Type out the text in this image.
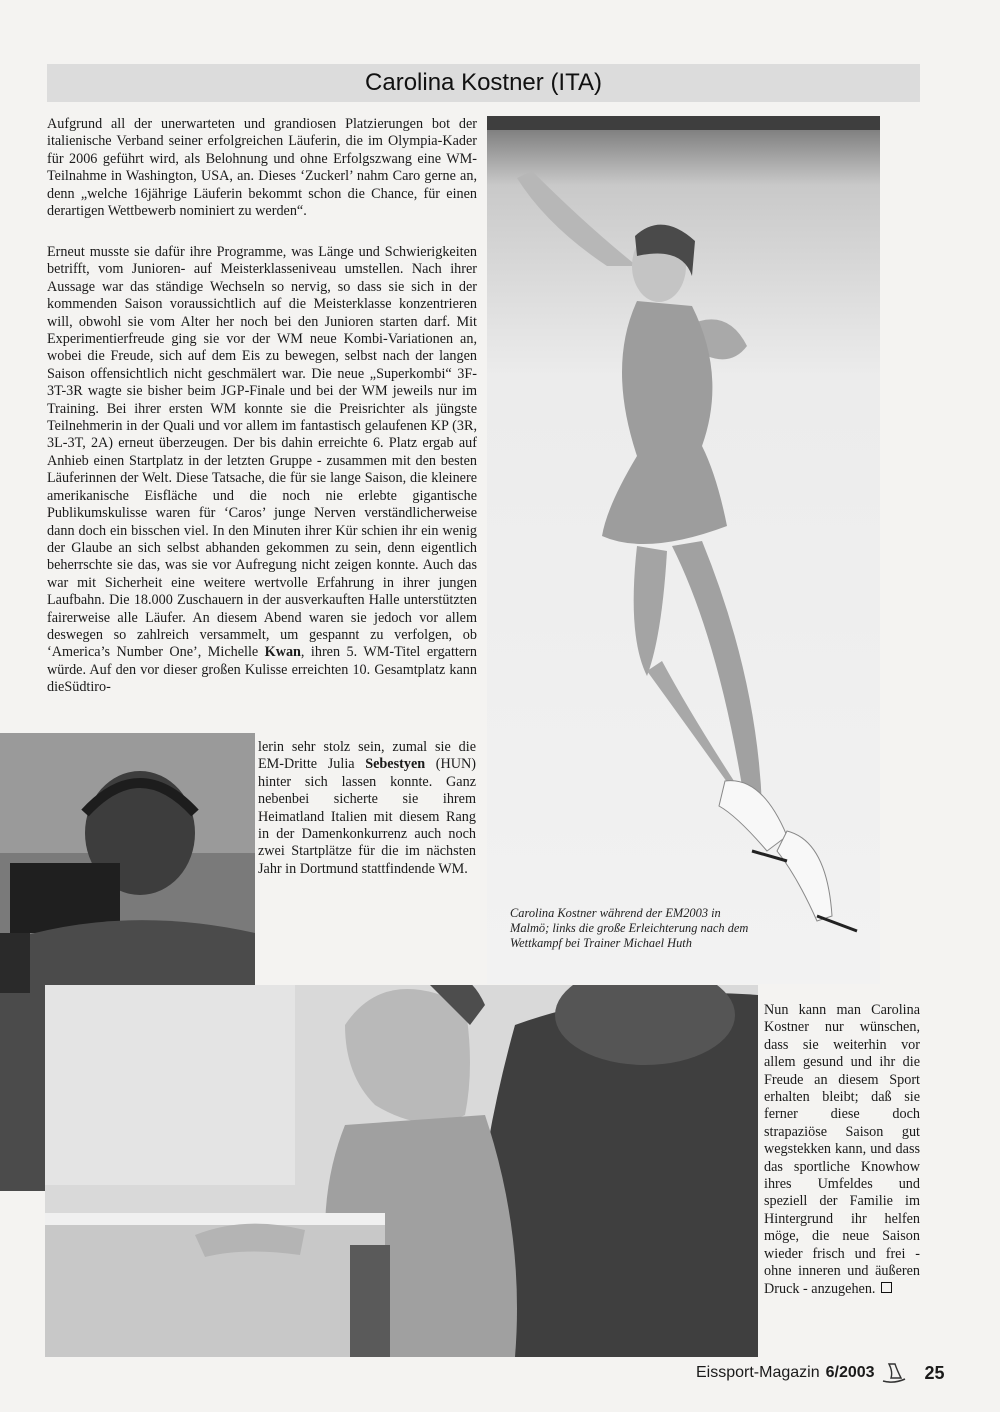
Carolina Kostner (ITA)

Aufgrund all der unerwarteten und grandiosen Platzierungen bot der italienische Verband seiner erfolgreichen Läuferin, die im Olympia-Kader für 2006 geführt wird, als Belohnung und ohne Erfolgszwang eine WM-Teilnahme in Washington, USA, an. Dieses ‘Zuckerl’ nahm Caro gerne an, denn „welche 16jährige Läuferin bekommt schon die Chance, für einen derartigen Wettbewerb nominiert zu werden“.

Erneut musste sie dafür ihre Programme, was Länge und Schwierigkeiten betrifft, vom Junioren- auf Meisterklasseniveau umstellen. Nach ihrer Aussage war das ständige Wechseln so nervig, so dass sie sich in der kommenden Saison voraussichtlich auf die Meisterklasse konzentrieren will, obwohl sie vom Alter her noch bei den Junioren starten darf. Mit Experimentierfreude ging sie vor der WM neue Kombi-Variationen an, wobei die Freude, sich auf dem Eis zu bewegen, selbst nach der langen Saison offensichtlich nicht geschmälert war. Die neue „Superkombi“ 3F-3T-3R wagte sie bisher beim JGP-Finale und bei der WM jeweils nur im Training. Bei ihrer ersten WM konnte sie die Preisrichter als jüngste Teilnehmerin in der Quali und vor allem im fantastisch gelaufenen KP (3R, 3L-3T, 2A) erneut überzeugen. Der bis dahin erreichte 6. Platz ergab auf Anhieb einen Startplatz in der letzten Gruppe - zusammen mit den besten Läuferinnen der Welt. Diese Tatsache, die für sie lange Saison, die kleinere amerikanische Eisfläche und die noch nie erlebte gigantische Publikumskulisse waren für ‘Caros’ junge Nerven verständlicherweise dann doch ein bisschen viel. In den Minuten ihrer Kür schien ihr ein wenig der Glaube an sich selbst abhanden gekommen zu sein, denn eigentlich beherrschte sie das, was sie vor Aufregung nicht zeigen konnte. Auch das war mit Sicherheit eine weitere wertvolle Erfahrung in ihrer jungen Laufbahn. Die 18.000 Zuschauern in der ausverkauften Halle unterstützten fairerweise alle Läufer. An diesem Abend waren sie jedoch vor allem deswegen so zahlreich versammelt, um gespannt zu verfolgen, ob ‘America’s Number One’, Michelle Kwan, ihren 5. WM-Titel ergattern würde. Auf den vor dieser großen Kulisse erreichten 10. Gesamtplatz kann dieSüdtiro-

Carolina Kostner während der EM2003 in Malmö; links die große Erleichterung nach dem Wettkampf bei Trainer Michael Huth

lerin sehr stolz sein, zumal sie die EM-Dritte Julia Sebestyen (HUN) hinter sich lassen konnte. Ganz nebenbei sicherte sie ihrem Heimatland Italien mit diesem Rang in der Damenkonkurrenz auch noch zwei Startplätze für die im nächsten Jahr in Dortmund stattfindende WM.

Nun kann man Carolina Kostner nur wünschen, dass sie weiterhin vor allem gesund und ihr die Freude an diesem Sport erhalten bleibt; daß sie ferner diese doch strapaziöse Saison gut wegstekken kann, und dass das sportliche Knowhow ihres Umfeldes und speziell der Familie im Hintergrund ihr helfen möge, die neue Saison wieder frisch und frei - ohne inneren und äußeren Druck - anzugehen.

Eissport-Magazin 6/2003	25
